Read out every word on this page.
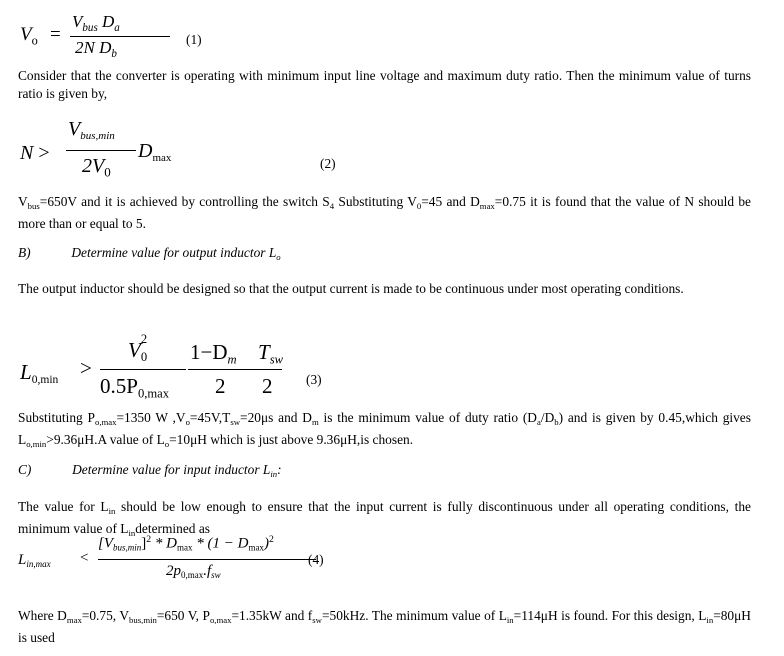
$V_o$ =
$V_{bus}$ $D_a$
2N $D_b$
(1)
Consider that the converter is operating with minimum input line voltage and maximum duty ratio. Then the minimum value of turns ratio is given by,
N >
$V_{bus,min}$
$2V_0$
$D_{max}$	(2)
$V_{bus}=650V$ and it is achieved by controlling the switch $S_4$ Substituting $V_0=45$ and $D_{max}=0.75$ it is found that the value of N should be more than or equal to 5.
B)	Determine value for output inductor $L_o$
The output inductor should be designed so that the output current is made to be continuous under most operating conditions.
$L_{0,min}$
>
V 2
0
$0.5P_{0,max}$
$1-D_m$
2
$T_{sw}$
2	(3)
Substituting $P_{o,max}=1350$ W $,V_o=45V,T_{sw}=20\mu s$ and $D_m$ is the minimum value of duty ratio $(D_a/D_b)$ and is given by 0.45,which gives $L_{o,min}>9.36\mu H.A$ value of $L_o=10\mu H$ which is just above 9.36μH,is chosen.
C)	Determine value for input inductor $L_{in}$:
The value for $L_{in}$ should be low enough to ensure that the input current is fully discontinuous under all operating conditions, the minimum value of $L_{in}determined$ as
$L_{in,max}$ <
$[V_{bus,min}]^2 * D_{max} * (1 - D_{max})^2$
$2p_{0,max}.f_{sw}$
(4)
Where $D_{max}=0.75$, $V_{bus,min}=650$ V, $P_{o,max}=1.35kW$ and $f_{sw}=50kHz$. The minimum value of $L_{in}=114\mu H$ is found. For this design, $L_{in}=80\mu H$ is used
